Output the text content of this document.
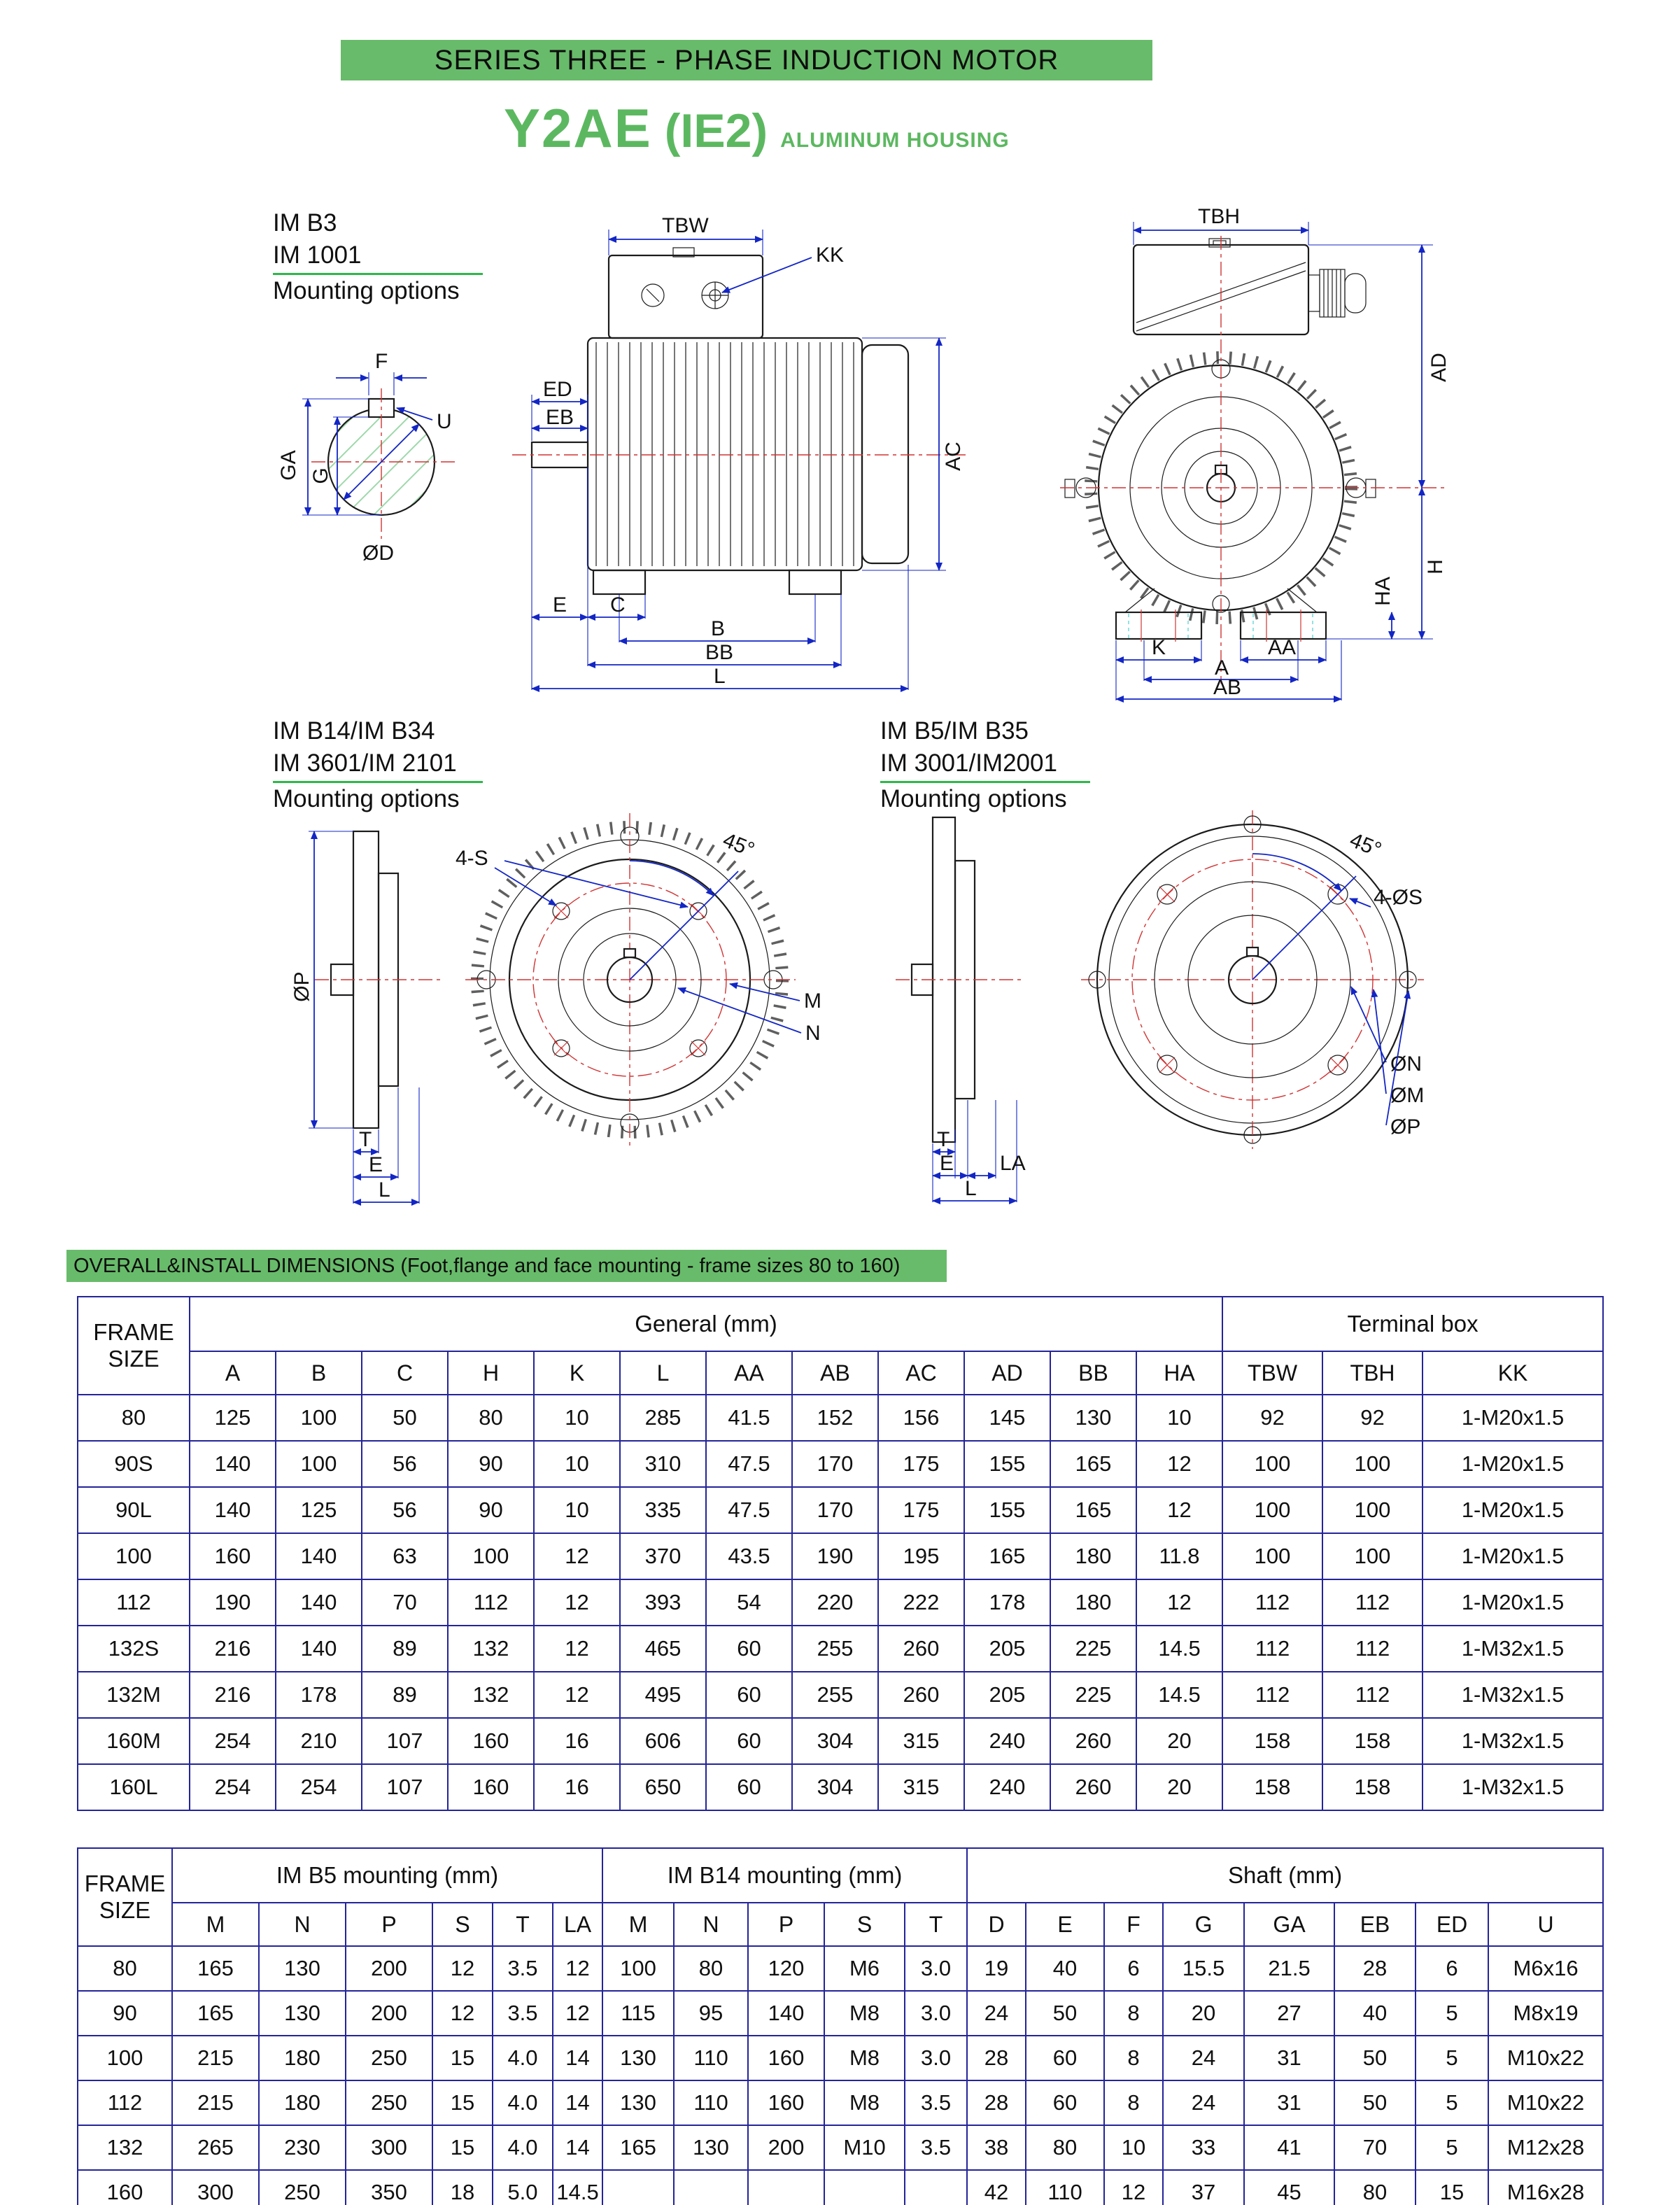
SERIES THREE - PHASE INDUCTION MOTOR
Y2AE (IE2) ALUMINUM HOUSING
IM B3
IM 1001
Mounting options
F
U
GA G
ØD
KK
TBW
ED
EB
AC
E C
B
BB
L
TBH
AD
H
HA
K	AA
A
AB
IM B14/IM B34
IM 3601/IM 2101
Mounting options
ØP
T
E
L
45°
4-S
M
N
IM B5/IM B35
IM 3001/IM2001
Mounting options
T
E LA
L
45°
4-ØS
ØN
ØM
ØP
OVERALL&INSTALL DIMENSIONS (Foot,flange and face mounting - frame sizes 80 to 160)
FRAME
SIZE	General (mm)												Terminal box		
	A	B	C	H	K	L	AA	AB	AC	AD	BB	HA	TBW	TBH	KK
80	125	100	50	80	10	285	41.5	152	156	145	130	10	92	92	1-M20x1.5
90S	140	100	56	90	10	310	47.5	170	175	155	165	12	100	100	1-M20x1.5
90L	140	125	56	90	10	335	47.5	170	175	155	165	12	100	100	1-M20x1.5
100	160	140	63	100	12	370	43.5	190	195	165	180	11.8	100	100	1-M20x1.5
112	190	140	70	112	12	393	54	220	222	178	180	12	112	112	1-M20x1.5
132S	216	140	89	132	12	465	60	255	260	205	225	14.5	112	112	1-M32x1.5
132M	216	178	89	132	12	495	60	255	260	205	225	14.5	112	112	1-M32x1.5
160M	254	210	107	160	16	606	60	304	315	240	260	20	158	158	1-M32x1.5
160L	254	254	107	160	16	650	60	304	315	240	260	20	158	158	1-M32x1.5
FRAME
SIZE	IM B5 mounting (mm)						IM B14 mounting (mm)					Shaft (mm)							
	M	N	P	S	T	LA	M	N	P	S	T	D	E	F	G	GA	EB	ED	U
80	165	130	200	12	3.5	12	100	80	120	M6	3.0	19	40	6	15.5	21.5	28	6	M6x16
90	165	130	200	12	3.5	12	115	95	140	M8	3.0	24	50	8	20	27	40	5	M8x19
100	215	180	250	15	4.0	14	130	110	160	M8	3.0	28	60	8	24	31	50	5	M10x22
112	215	180	250	15	4.0	14	130	110	160	M8	3.5	28	60	8	24	31	50	5	M10x22
132	265	230	300	15	4.0	14	165	130	200	M10	3.5	38	80	10	33	41	70	5	M12x28
160	300	250	350	18	5.0	14.5						42	110	12	37	45	80	15	M16x28
